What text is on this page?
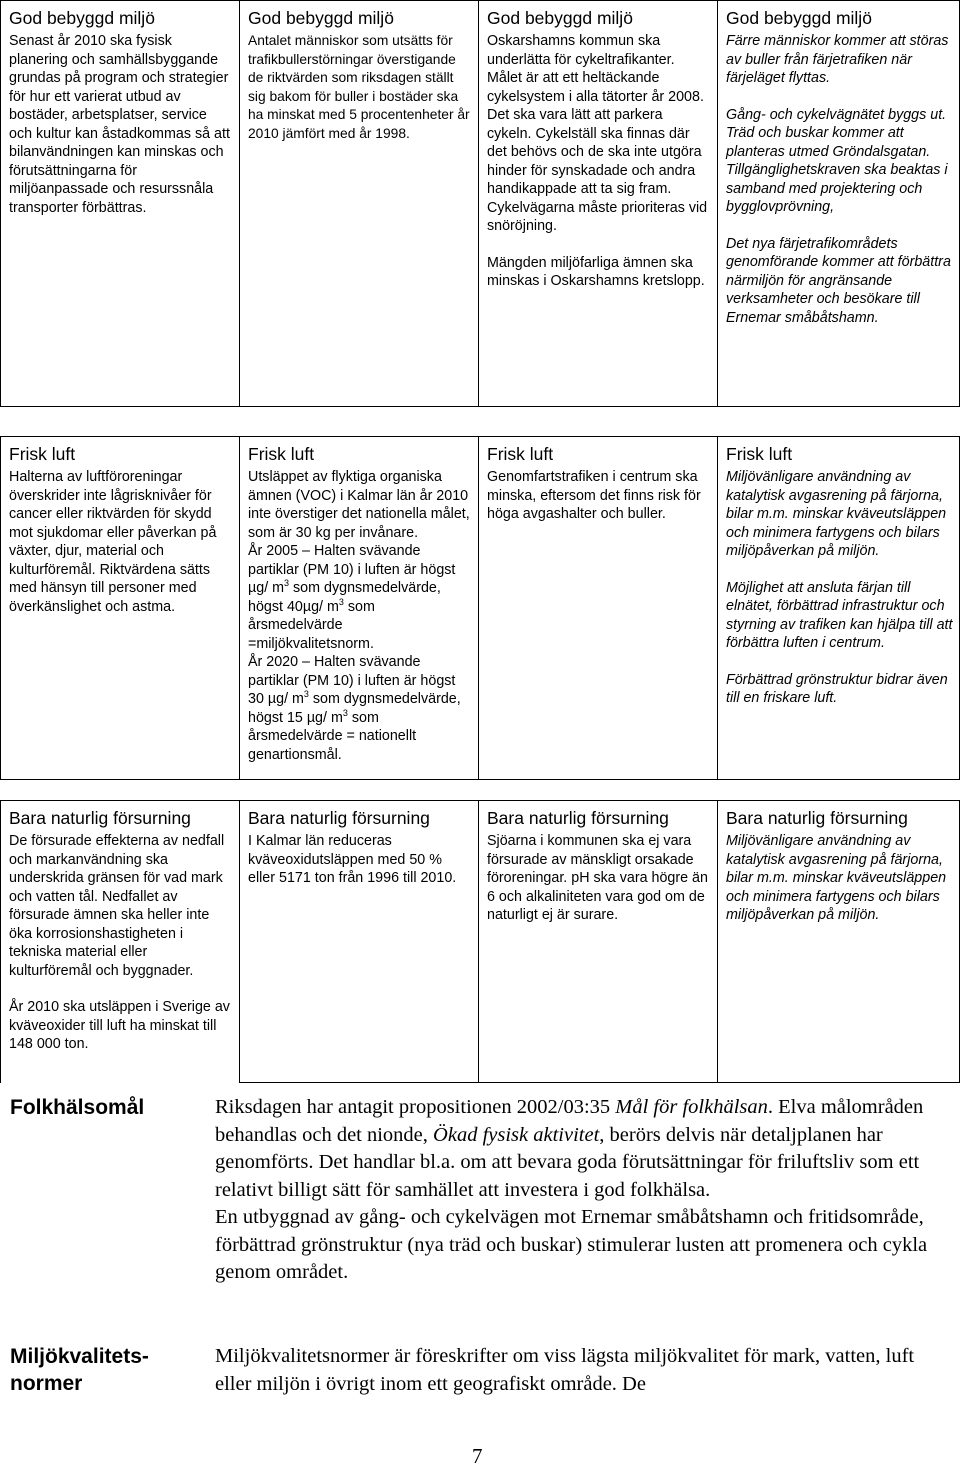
God bebyggd miljö

Senast år 2010 ska fysisk planering och samhällsbyggande grundas på program och strategier för hur ett varierat utbud av bostäder, arbetsplatser, service och kultur kan åstadkommas så att bilanvändningen kan minskas och förutsättningarna för miljöanpassade och resurssnåla transporter förbättras.

God bebyggd miljö

Antalet människor som utsätts för trafikbullerstörningar överstigande de riktvärden som riksdagen ställt sig bakom för buller i bostäder ska ha minskat med 5 procentenheter år 2010 jämfört med år 1998.

God bebyggd miljö

Oskarshamns kommun ska underlätta för cykeltrafikanter. Målet är att ett heltäckande cykelsystem i alla tätorter år 2008. Det ska vara lätt att parkera cykeln. Cykelställ ska finnas där det behövs och de ska inte utgöra hinder för synskadade och andra handikappade att ta sig fram. Cykelvägarna måste prioriteras vid snöröjning.

Mängden miljöfarliga ämnen ska minskas i Oskarshamns kretslopp.

God bebyggd miljö

Färre människor kommer att störas av buller från färjetrafiken när färjeläget flyttas.

Gång- och cykelvägnätet byggs ut. Träd och buskar kommer att planteras utmed Gröndalsgatan. Tillgänglighetskraven ska beaktas i samband med projektering och bygglovprövning,

Det nya färjetrafikområdets genomförande kommer att förbättra närmiljön för angränsande verksamheter och besökare till Ernemar småbåtshamn.

Frisk luft

Halterna av luftföroreningar överskrider inte lågrisknivåer för cancer eller riktvärden för skydd mot sjukdomar eller påverkan på växter, djur, material och kulturföremål. Riktvärdena sätts med hänsyn till personer med överkänslighet och astma.

Frisk luft

Utsläppet av flyktiga organiska ämnen (VOC) i Kalmar län år 2010 inte överstiger det nationella målet, som är 30 kg per invånare.

År 2005 – Halten svävande partiklar (PM 10) i luften är högst µg/ $m^3$ som dygnsmedelvärde, högst 40µg/ $m^3$ som årsmedelvärde =miljökvalitetsnorm.

År 2020 – Halten svävande partiklar (PM 10) i luften är högst 30 µg/ $m^3$ som dygnsmedelvärde, högst 15 µg/ $m^3$ som årsmedelvärde = nationellt genartionsmål.

Frisk luft

Genomfartstrafiken i centrum ska minska, eftersom det finns risk för höga avgashalter och buller.

Frisk luft

Miljövänligare användning av katalytisk avgasrening på färjorna, bilar m.m. minskar kväveutsläppen och minimera fartygens och bilars miljöpåverkan på miljön.

Möjlighet att ansluta färjan till elnätet, förbättrad infrastruktur och styrning av trafiken kan hjälpa till att förbättra luften i centrum.

Förbättrad grönstruktur bidrar även till en friskare luft.

Bara naturlig försurning

De försurade effekterna av nedfall och markanvändning ska underskrida gränsen för vad mark och vatten tål. Nedfallet av försurade ämnen ska heller inte öka korrosionshastigheten i tekniska material eller kulturföremål och byggnader.

År 2010 ska utsläppen i Sverige av kväveoxider till luft ha minskat till 148 000 ton.

Bara naturlig försurning

I Kalmar län reduceras kväveoxidutsläppen med 50 % eller 5171 ton från 1996 till 2010.

Bara naturlig försurning

Sjöarna i kommunen ska ej vara försurade av mänskligt orsakade föroreningar. pH ska vara högre än 6 och alkaliniteten vara god om de naturligt ej är surare.

Bara naturlig försurning

Miljövänligare användning av katalytisk avgasrening på färjorna, bilar m.m. minskar kväveutsläppen och minimera fartygens och bilars miljöpåverkan på miljön.

Folkhälsomål	Riksdagen har antagit propositionen 2002/03:35 Mål för folkhälsan. Elva målområden behandlas och det nionde, Ökad fysisk aktivitet, berörs delvis när detaljplanen har genomförts. Det handlar bl.a. om att bevara goda förutsättningar för friluftsliv som ett relativt billigt sätt för samhället att investera i god folkhälsa.
En utbyggnad av gång- och cykelvägen mot Ernemar småbåtshamn och fritidsområde, förbättrad grönstruktur (nya träd och buskar) stimulerar lusten att promenera och cykla genom området.
Miljökvalitets-
normer
Miljökvalitetsnormer är föreskrifter om viss lägsta miljökvalitet för mark, vatten, luft eller miljön i övrigt inom ett geografiskt område. De
7
